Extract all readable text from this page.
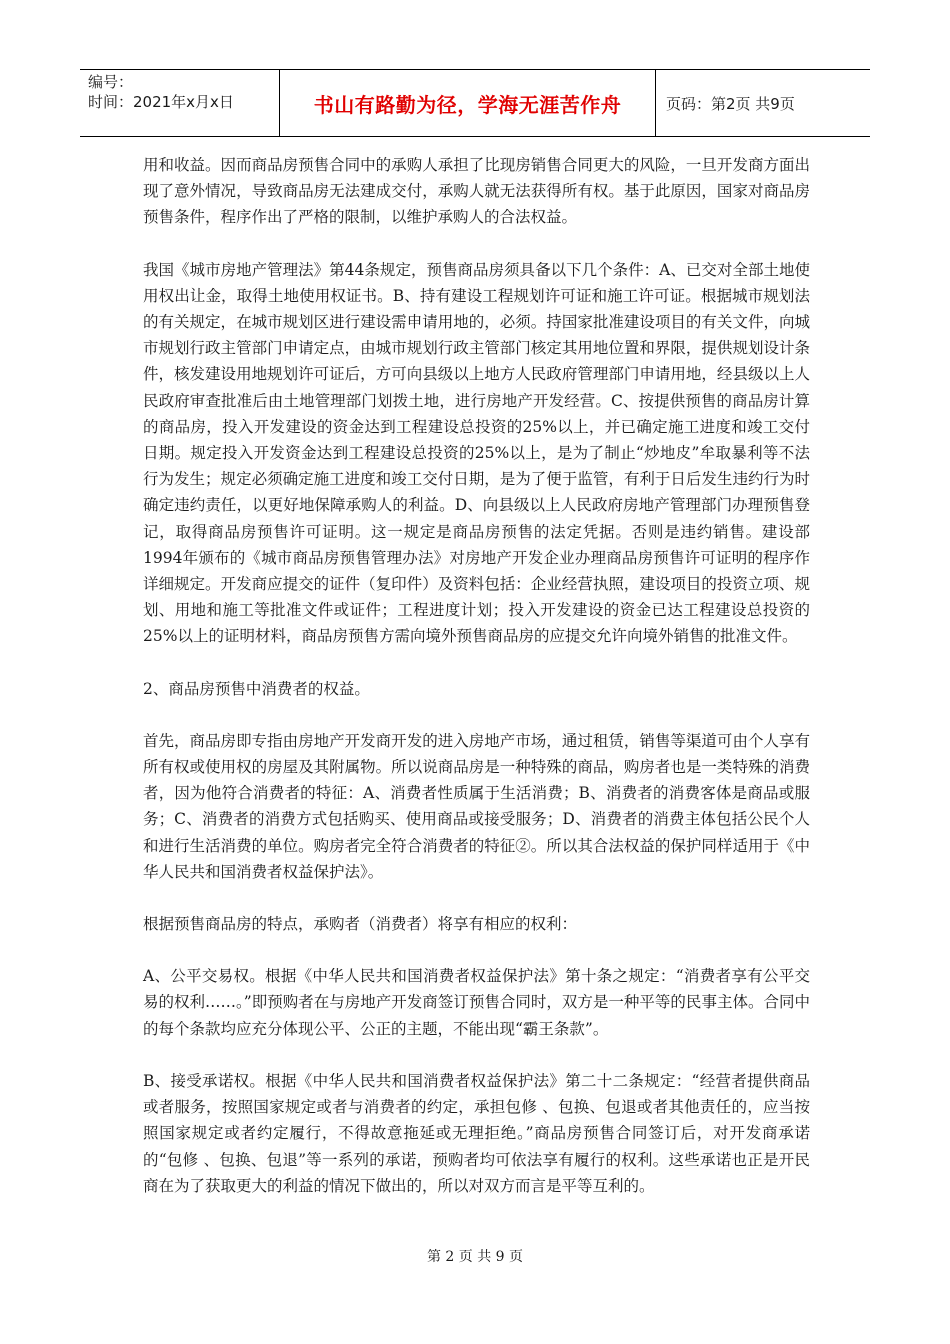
编号：
时间：2021年x月x日	书山有路勤为径，学海无涯苦作舟	页码：第2页 共9页

用和收益。因而商品房预售合同中的承购人承担了比现房销售合同更大的风险，一旦开发商方面出现了意外情况，导致商品房无法建成交付，承购人就无法获得所有权。基于此原因，国家对商品房预售条件，程序作出了严格的限制，以维护承购人的合法权益。

我国《城市房地产管理法》第44条规定，预售商品房须具备以下几个条件：A、已交对全部土地使用权出让金，取得土地使用权证书。B、持有建设工程规划许可证和施工许可证。根据城市规划法的有关规定，在城市规划区进行建设需申请用地的，必须。持国家批准建设项目的有关文件，向城市规划行政主管部门申请定点，由城市规划行政主管部门核定其用地位置和界限，提供规划设计条件，核发建设用地规划许可证后，方可向县级以上地方人民政府管理部门申请用地，经县级以上人民政府审查批准后由土地管理部门划拨土地，进行房地产开发经营。C、按提供预售的商品房计算的商品房，投入开发建设的资金达到工程建设总投资的25%以上，并已确定施工进度和竣工交付日期。规定投入开发资金达到工程建设总投资的25%以上，是为了制止“炒地皮”牟取暴利等不法行为发生；规定必须确定施工进度和竣工交付日期，是为了便于监管，有利于日后发生违约行为时确定违约责任，以更好地保障承购人的利益。D、向县级以上人民政府房地产管理部门办理预售登记，取得商品房预售许可证明。这一规定是商品房预售的法定凭据。否则是违约销售。建设部1994年颁布的《城市商品房预售管理办法》对房地产开发企业办理商品房预售许可证明的程序作详细规定。开发商应提交的证件（复印件）及资料包括：企业经营执照，建设项目的投资立项、规划、用地和施工等批准文件或证件；工程进度计划；投入开发建设的资金已达工程建设总投资的25%以上的证明材料，商品房预售方需向境外预售商品房的应提交允许向境外销售的批准文件。

2、商品房预售中消费者的权益。

首先，商品房即专指由房地产开发商开发的进入房地产市场，通过租赁，销售等渠道可由个人享有所有权或使用权的房屋及其附属物。所以说商品房是一种特殊的商品，购房者也是一类特殊的消费者，因为他符合消费者的特征：A、消费者性质属于生活消费；B、消费者的消费客体是商品或服务；C、消费者的消费方式包括购买、使用商品或接受服务；D、消费者的消费主体包括公民个人和进行生活消费的单位。购房者完全符合消费者的特征②。所以其合法权益的保护同样适用于《中华人民共和国消费者权益保护法》。

根据预售商品房的特点，承购者（消费者）将享有相应的权利：

A、公平交易权。根据《中华人民共和国消费者权益保护法》第十条之规定：“消费者享有公平交易的权利……。”即预购者在与房地产开发商签订预售合同时，双方是一种平等的民事主体。合同中的每个条款均应充分体现公平、公正的主题，不能出现“霸王条款”。

B、接受承诺权。根据《中华人民共和国消费者权益保护法》第二十二条规定：“经营者提供商品或者服务，按照国家规定或者与消费者的约定，承担包修 、包换、包退或者其他责任的，应当按照国家规定或者约定履行，不得故意拖延或无理拒绝。”商品房预售合同签订后，对开发商承诺的“包修 、包换、包退”等一系列的承诺，预购者均可依法享有履行的权利。这些承诺也正是开民商在为了获取更大的利益的情况下做出的，所以对双方而言是平等互利的。

第 2 页 共 9 页
